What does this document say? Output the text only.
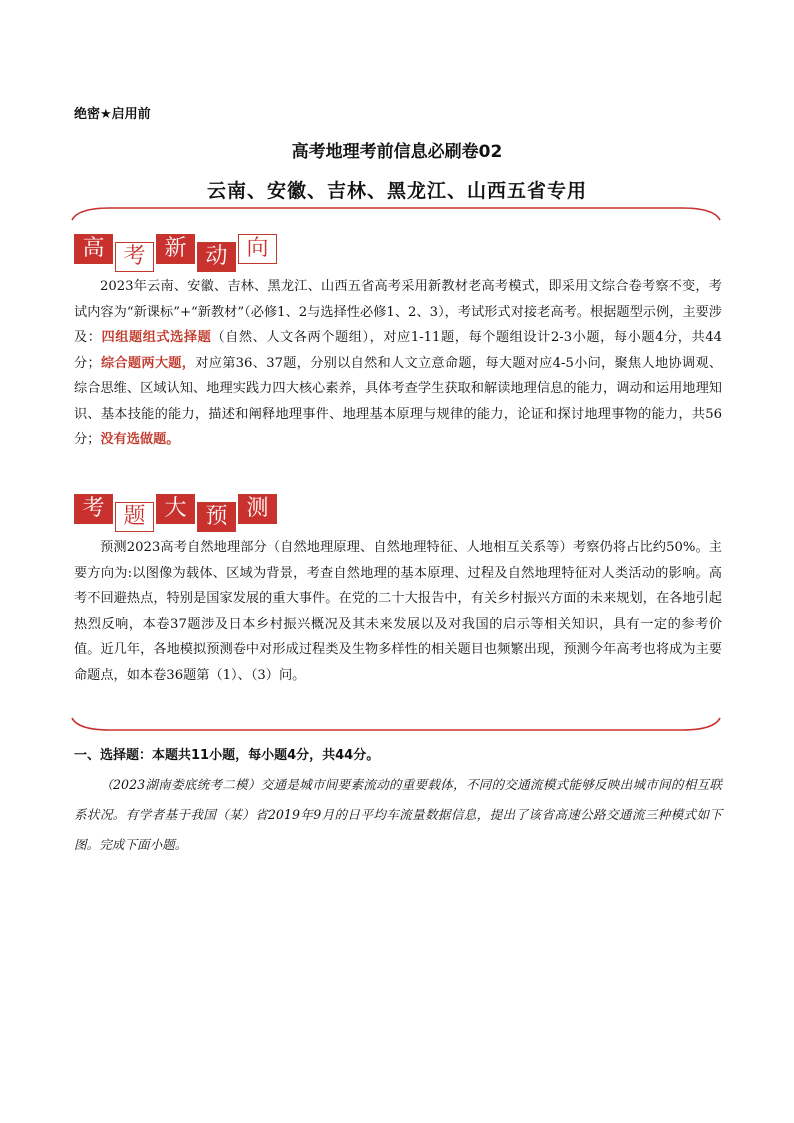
绝密★启用前
高考地理考前信息必刷卷02
云南、安徽、吉林、黑龙江、山西五省专用
高 考 新 动 向
2023年云南、安徽、吉林、黑龙江、山西五省高考采用新教材老高考模式，即采用文综合卷考察不变，考试内容为“新课标”+“新教材”（必修1、2与选择性必修1、2、3），考试形式对接老高考。根据题型示例，主要涉及：四组题组式选择题（自然、人文各两个题组），对应1-11题，每个题组设计2-3小题，每小题4分，共44分；综合题两大题，对应第36、37题，分别以自然和人文立意命题，每大题对应4-5小问，聚焦人地协调观、综合思维、区域认知、地理实践力四大核心素养，具体考查学生获取和解读地理信息的能力，调动和运用地理知识、基本技能的能力，描述和阐释地理事件、地理基本原理与规律的能力，论证和探讨地理事物的能力，共56分；没有选做题。
考 题 大 预 测
预测2023高考自然地理部分（自然地理原理、自然地理特征、人地相互关系等）考察仍将占比约50%。主要方向为:以图像为载体、区域为背景，考查自然地理的基本原理、过程及自然地理特征对人类活动的影响。高考不回避热点，特别是国家发展的重大事件。在党的二十大报告中，有关乡村振兴方面的未来规划，在各地引起热烈反响，本卷37题涉及日本乡村振兴概况及其未来发展以及对我国的启示等相关知识，具有一定的参考价值。近几年，各地模拟预测卷中对形成过程类及生物多样性的相关题目也频繁出现，预测今年高考也将成为主要命题点，如本卷36题第（1）、（3）问。
一、选择题：本题共11小题，每小题4分，共44分。
（2023湖南娄底统考二模）交通是城市间要素流动的重要载体，不同的交通流模式能够反映出城市间的相互联系状况。有学者基于我国（某）省2019年9月的日平均车流量数据信息，提出了该省高速公路交通流三种模式如下图。完成下面小题。
